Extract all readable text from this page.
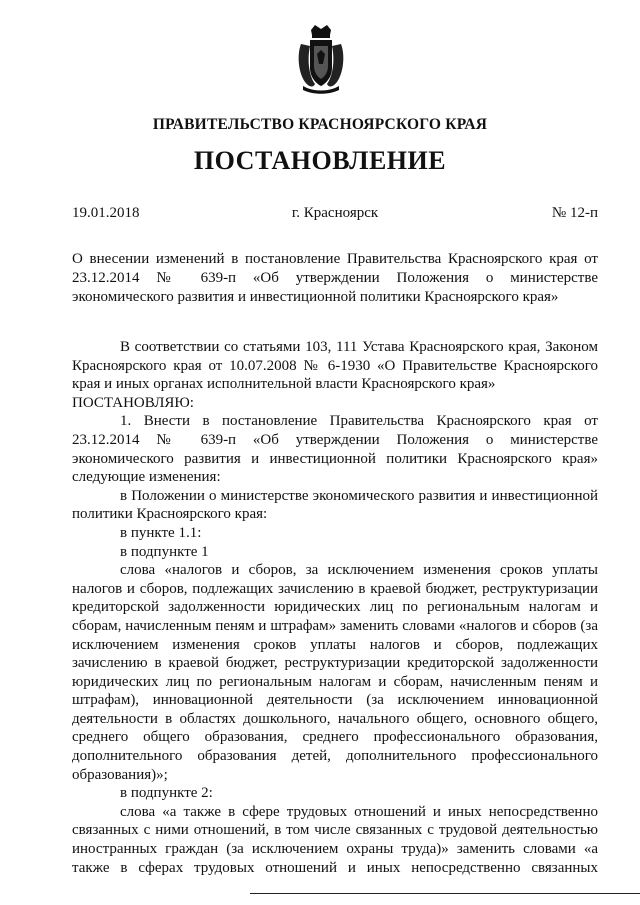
ПРАВИТЕЛЬСТВО КРАСНОЯРСКОГО КРАЯ
ПОСТАНОВЛЕНИЕ
19.01.2018	г. Красноярск	№ 12-п
О внесении изменений в постановление Правительства Красноярского края от 23.12.2014 № 639-п «Об утверждении Положения о министерстве экономического развития и инвестиционной политики Красноярского края»

В соответствии со статьями 103, 111 Устава Красноярского края, Законом Красноярского края от 10.07.2008 № 6-1930 «О Правительстве Красноярского края и иных органах исполнительной власти Красноярского края»

ПОСТАНОВЛЯЮ:

1. Внести в постановление Правительства Красноярского края от 23.12.2014 № 639-п «Об утверждении Положения о министерстве экономического развития и инвестиционной политики Красноярского края» следующие изменения:

в Положении о министерстве экономического развития и инвестиционной политики Красноярского края:

в пункте 1.1:

в подпункте 1

слова «налогов и сборов, за исключением изменения сроков уплаты налогов и сборов, подлежащих зачислению в краевой бюджет, реструктуризации кредиторской задолженности юридических лиц по региональным налогам и сборам, начисленным пеням и штрафам» заменить словами «налогов и сборов (за исключением изменения сроков уплаты налогов и сборов, подлежащих зачислению в краевой бюджет, реструктуризации кредиторской задолженности юридических лиц по региональным налогам и сборам, начисленным пеням и штрафам), инновационной деятельности (за исключением инновационной деятельности в областях дошкольного, начального общего, основного общего, среднего общего образования, среднего профессионального образования, дополнительного образования детей, дополнительного профессионального образования)»;

в подпункте 2:

слова «а также в сфере трудовых отношений и иных непосредственно связанных с ними отношений, в том числе связанных с трудовой деятельностью иностранных граждан (за исключением охраны труда)» заменить словами «а также в сферах трудовых отношений и иных непосредственно связанных
